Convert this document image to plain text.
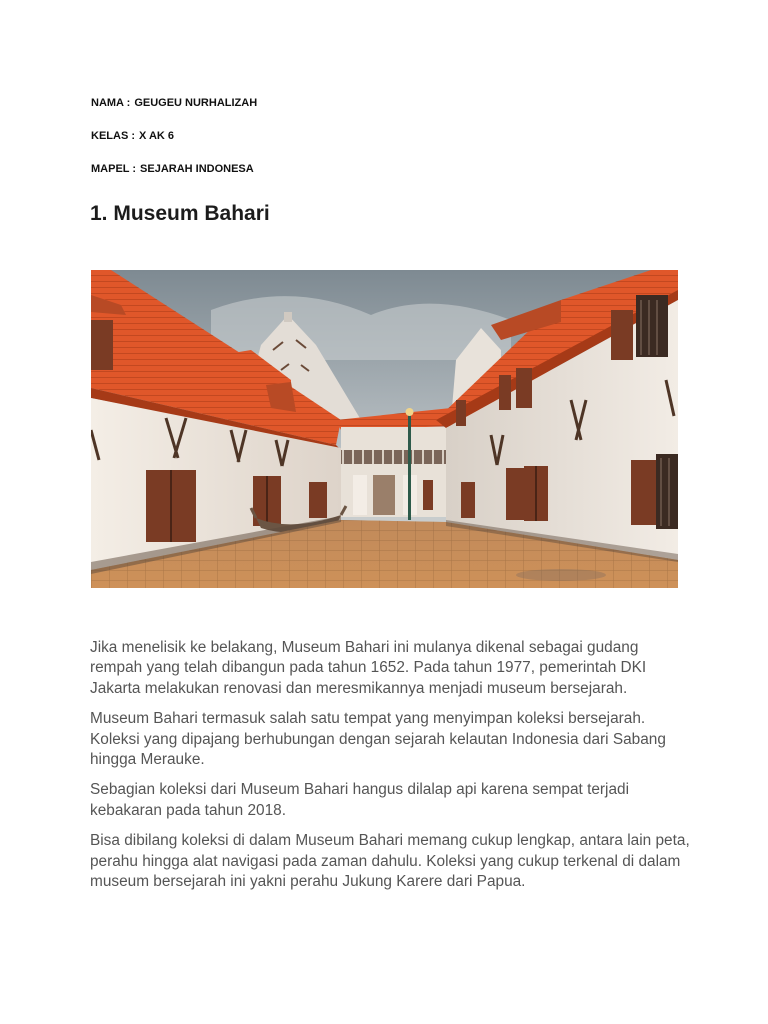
NAMA : GEUGEU NURHALIZAH
KELAS : X AK 6
MAPEL : SEJARAH INDONESA
1. Museum Bahari

Jika menelisik ke belakang, Museum Bahari ini mulanya dikenal sebagai gudang rempah yang telah dibangun pada tahun 1652. Pada tahun 1977, pemerintah DKI Jakarta melakukan renovasi dan meresmikannya menjadi museum bersejarah.

Museum Bahari termasuk salah satu tempat yang menyimpan koleksi bersejarah. Koleksi yang dipajang berhubungan dengan sejarah kelautan Indonesia dari Sabang hingga Merauke.

Sebagian koleksi dari Museum Bahari hangus dilalap api karena sempat terjadi kebakaran pada tahun 2018.

Bisa dibilang koleksi di dalam Museum Bahari memang cukup lengkap, antara lain peta, perahu hingga alat navigasi pada zaman dahulu. Koleksi yang cukup terkenal di dalam museum bersejarah ini yakni perahu Jukung Karere dari Papua.
